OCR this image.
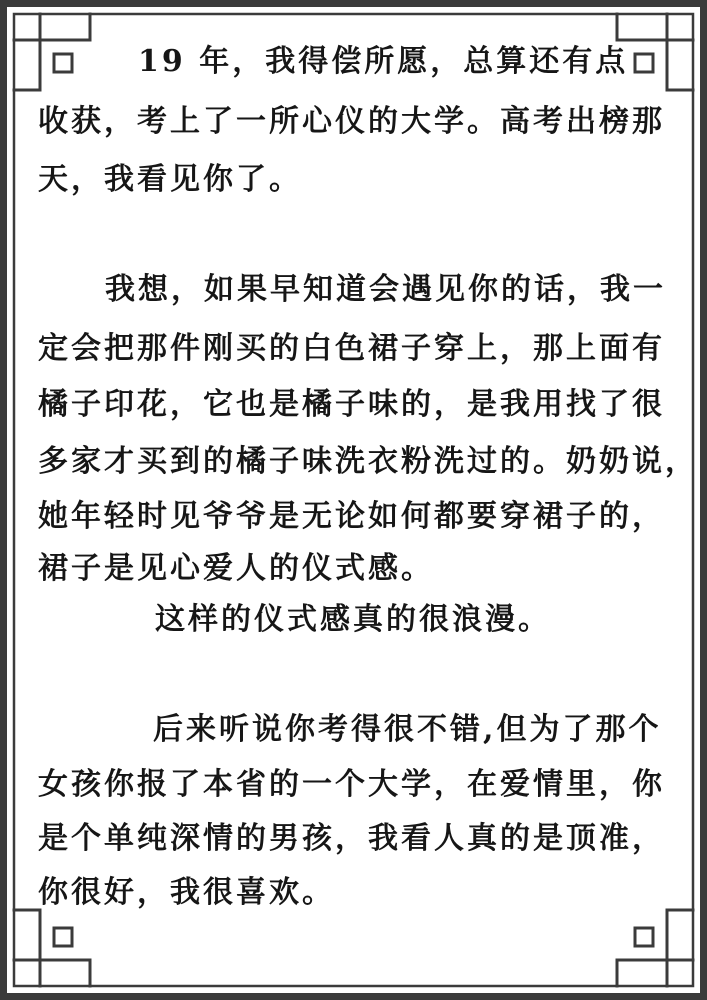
19 年，我得偿所愿，总算还有点
收获，考上了一所心仪的大学。高考出榜那
天，我看见你了。
我想，如果早知道会遇见你的话，我一
定会把那件刚买的白色裙子穿上，那上面有
橘子印花，它也是橘子味的，是我用找了很
多家才买到的橘子味洗衣粉洗过的。奶奶说，
她年轻时见爷爷是无论如何都要穿裙子的，
裙子是见心爱人的仪式感。
这样的仪式感真的很浪漫。
后来听说你考得很不错,但为了那个
女孩你报了本省的一个大学，在爱情里，你
是个单纯深情的男孩，我看人真的是顶准，
你很好，我很喜欢。
